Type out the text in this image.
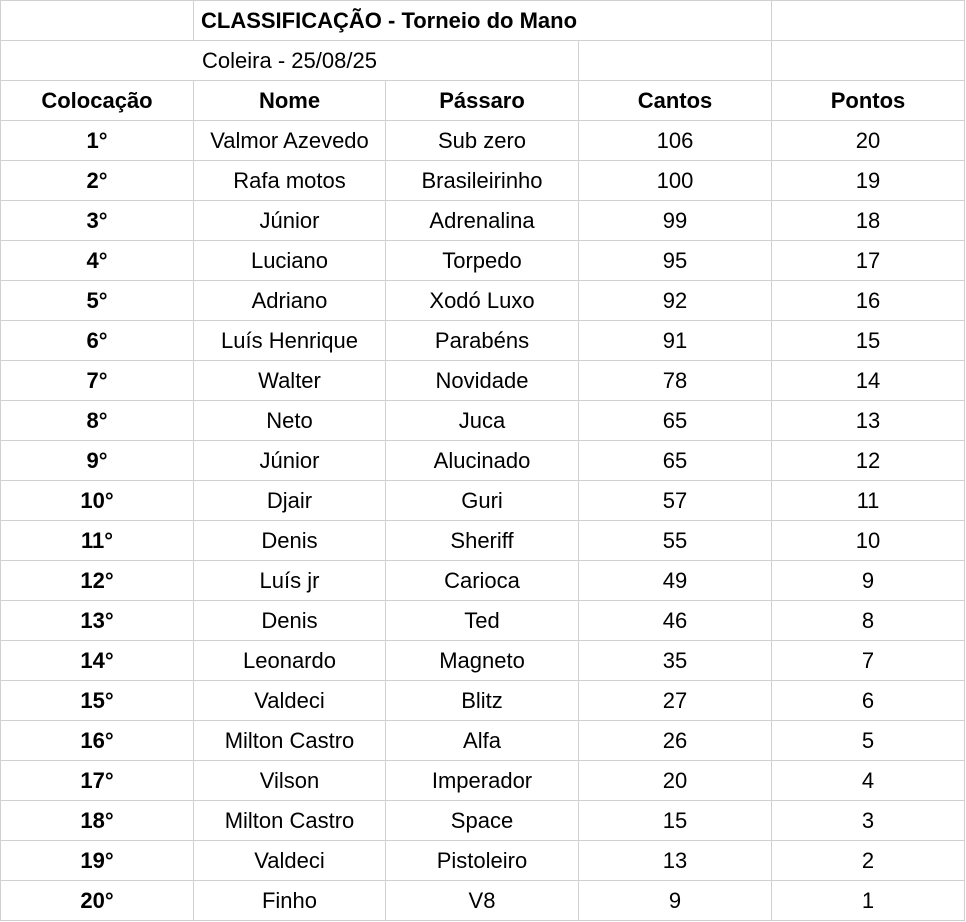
CLASSIFICAÇÃO - Torneio do Mano
Coleira - 25/08/25
Colocação	Nome	Pássaro	Cantos	Pontos
1°	Valmor Azevedo	Sub zero	106	20
2°	Rafa motos	Brasileirinho	100	19
3°	Júnior	Adrenalina	99	18
4°	Luciano	Torpedo	95	17
5°	Adriano	Xodó Luxo	92	16
6°	Luís Henrique	Parabéns	91	15
7°	Walter	Novidade	78	14
8°	Neto	Juca	65	13
9°	Júnior	Alucinado	65	12
10°	Djair	Guri	57	11
11°	Denis	Sheriff	55	10
12°	Luís jr	Carioca	49	9
13°	Denis	Ted	46	8
14°	Leonardo	Magneto	35	7
15°	Valdeci	Blitz	27	6
16°	Milton Castro	Alfa	26	5
17°	Vilson	Imperador	20	4
18°	Milton Castro	Space	15	3
19°	Valdeci	Pistoleiro	13	2
20°	Finho	V8	9	1
